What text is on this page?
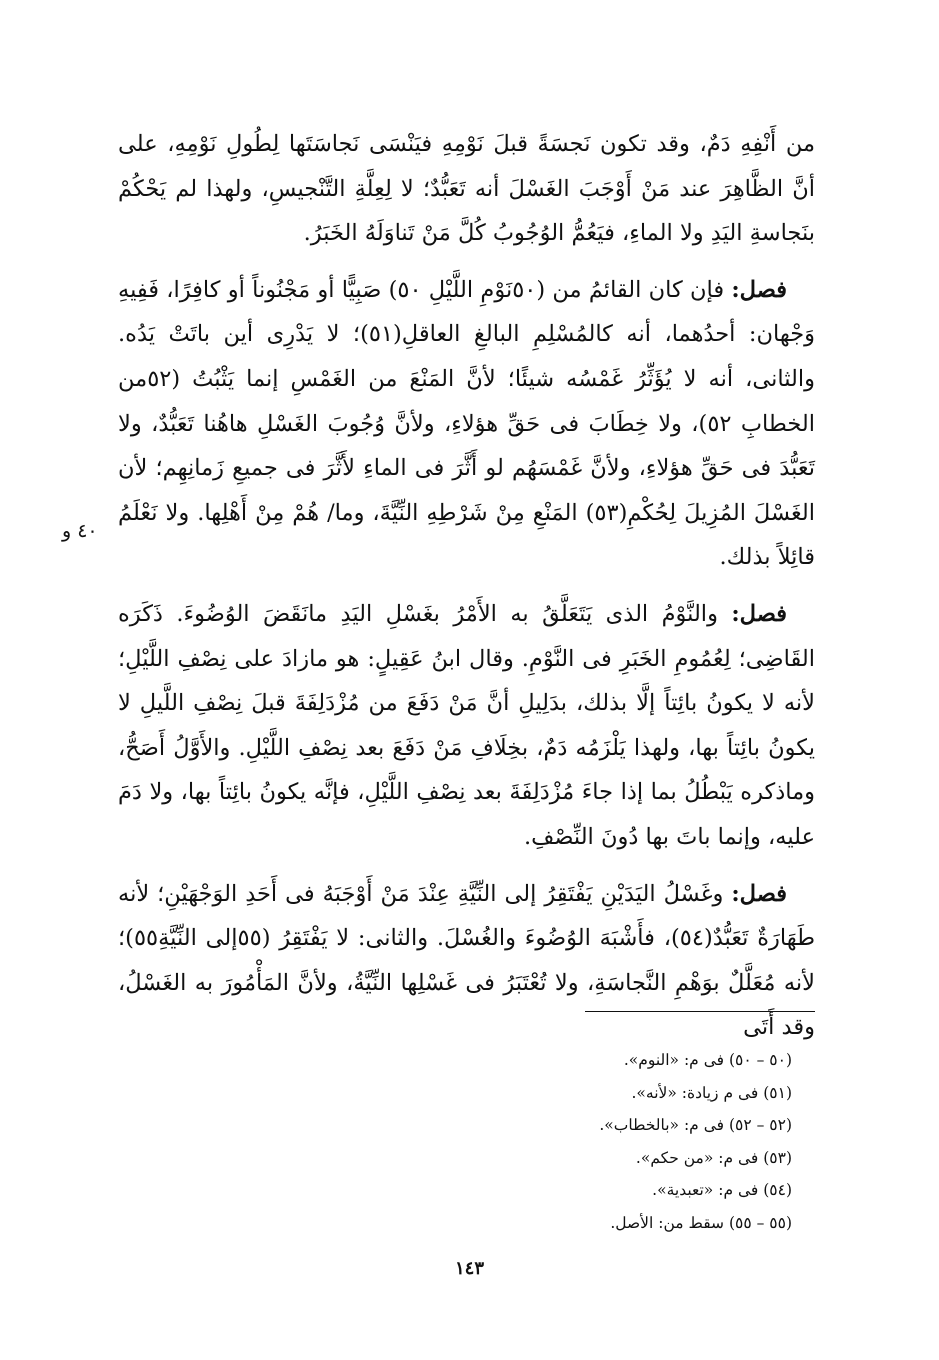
من أَنْفِهِ دَمٌ، وقد تكون نَجسَةً قبلَ نَوْمِهِ فيَنْسَى نَجاسَتَها لِطُولِ نَوْمِهِ، على أنَّ الظَّاهِرَ عند مَنْ أَوْجَبَ الغَسْلَ أنه تَعَبُّدٌ؛ لا لِعِلَّةِ التَّنْجيسِ، ولهذا لم يَحْكُمْ بنَجاسةِ اليَدِ ولا الماءِ، فيَعُمُّ الوُجُوبُ كُلَّ مَنْ تَناوَلَهُ الخَبَرُ.

فصل: فإن كان القائمُ من (٥٠نَوْمِ اللَّيْلِ ٥٠) صَبِيًّا أو مَجْنُوناً أو كافِرًا، فَفِيهِ وَجْهان: أحدُهما، أنه كالمُسْلِمِ البالغِ العاقلِ(٥١)؛ لا يَدْرِى أين باتَتْ يَدُه. والثانى، أنه لا يُؤَثِّرُ غَمْسُه شيئًا؛ لأنَّ المَنْعَ من الغَمْسِ إنما يَثْبُتُ (٥٢من الخطابِ ٥٢)، ولا خِطَابَ فى حَقِّ هؤلاءِ، ولأنَّ وُجُوبَ الغَسْلِ هاهُنا تَعَبُّدٌ، ولا تَعَبُّدَ فى حَقِّ هؤلاءِ، ولأنَّ غَمْسَهُم لو أَثَّرَ فى الماءِ لأَثَّرَ فى جميعِ زَمانِهِم؛ لأن الغَسْلَ المُزِيلَ لِحُكْمِ(٥٣) المَنْعِ مِنْ شَرْطِهِ النِّيَّةَ، وما/ هُمْ مِنْ أَهْلِها. ولا نَعْلَمُ قائِلاً بذلك.

فصل: والنَّوْمُ الذى يَتَعَلَّقُ به الأَمْرُ بغَسْلِ اليَدِ مانَقَضَ الوُضُوءَ. ذَكَرَه القَاضِى؛ لِعُمُومِ الخَبَرِ فى النَّوْمِ. وقال ابنُ عَقِيلٍ: هو مازادَ على نِصْفِ اللَّيْلِ؛ لأنه لا يكونُ بائِتاً إلَّا بذلك، بدَلِيلِ أنَّ مَنْ دَفَعَ من مُزْدَلِفَةَ قبلَ نِصْفِ اللَّيلِ لا يكونُ بائِتاً بها، ولهذا يَلْزَمُه دَمٌ، بخِلَافِ مَنْ دَفَعَ بعد نِصْفِ اللَّيْلِ. والأَوَّلُ أَصَحُّ، وماذكره يَبْطُلُ بما إذا جاءَ مُزْدَلِفَةَ بعد نِصْفِ اللَّيْلِ، فإنَّه يكونُ بائِتاً بها، ولا دَمَ عليه، وإنما باتَ بها دُونَ النِّصْفِ.

فصل: وغَسْلُ اليَدَيْنِ يَفْتَقِرُ إلى النِّيَّةِ عِنْدَ مَنْ أَوْجَبَهُ فى أَحَدِ الوَجْهَيْنِ؛ لأنه طَهَارَةٌ تَعَبُّدٌ(٥٤)، فأَشْبَهَ الوُضُوءَ والغُسْلَ. والثانى: لا يَفْتَقِرُ (٥٥إلى النِّيَّةِ٥٥)؛ لأنه مُعَلَّلٌ بوَهْمِ النَّجاسَةِ، ولا تُعْتَبَرُ فى غَسْلِها النِّيَّةُ، ولأنَّ المَأْمُورَ به الغَسْلُ، وقد أَتَى

٤٠ و
(٥٠ – ٥٠) فى م: «النوم».
(٥١) فى م زيادة: «لأنه».
(٥٢ – ٥٢) فى م: «بالخطاب».
(٥٣) فى م: «من حكم».
(٥٤) فى م: «تعبدية».
(٥٥ – ٥٥) سقط من: الأصل.
١٤٣
